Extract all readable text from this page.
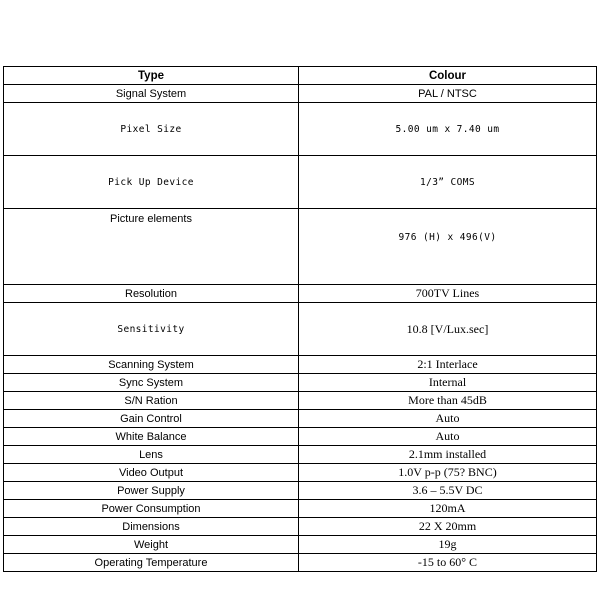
Type	Colour
Signal System	PAL / NTSC
Pixel Size	5.00 um x 7.40 um
Pick Up Device	1/3” COMS
Picture elements	976 (H) x 496(V)
Resolution	700TV Lines
Sensitivity	10.8 [V/Lux.sec]
Scanning System	2:1 Interlace
Sync System	Internal
S/N Ration	More than 45dB
Gain Control	Auto
White Balance	Auto
Lens	2.1mm installed
Video Output	1.0V p-p (75? BNC)
Power Supply	3.6 – 5.5V DC
Power Consumption	120mA
Dimensions	22 X 20mm
Weight	19g
Operating Temperature	-15 to 60° C
